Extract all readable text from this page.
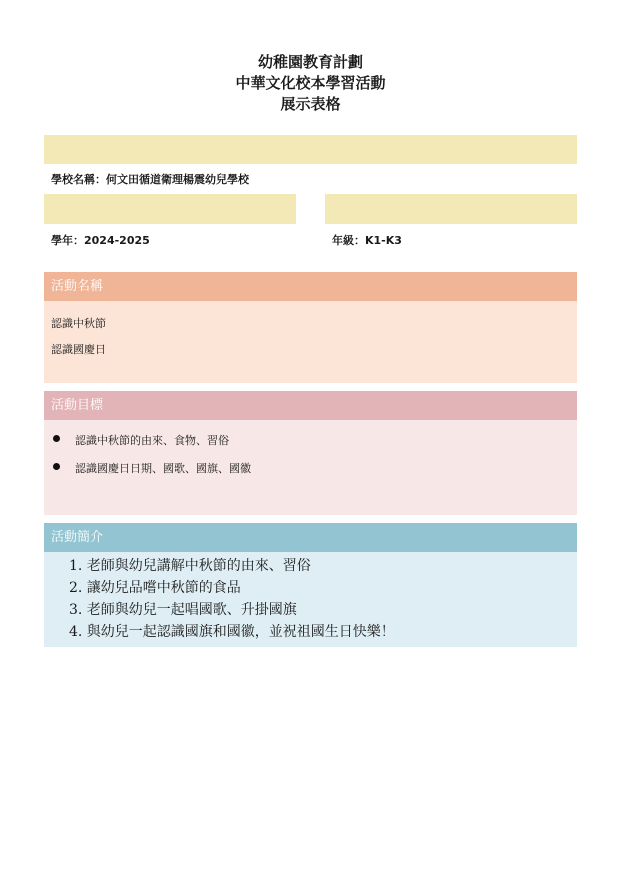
幼稚園教育計劃
中華文化校本學習活動
展示表格
學校名稱：何文田循道衛理楊震幼兒學校
學年：2024-2025	年級：K1-K3
活動名稱
認識中秋節
認識國慶日
活動目標
認識中秋節的由來、食物、習俗
認識國慶日日期、國歌、國旗、國徽
活動簡介
1. 老師與幼兒講解中秋節的由來、習俗
2. 讓幼兒品嚐中秋節的食品
3. 老師與幼兒一起唱國歌、升掛國旗
4. 與幼兒一起認識國旗和國徽，並祝祖國生日快樂！
